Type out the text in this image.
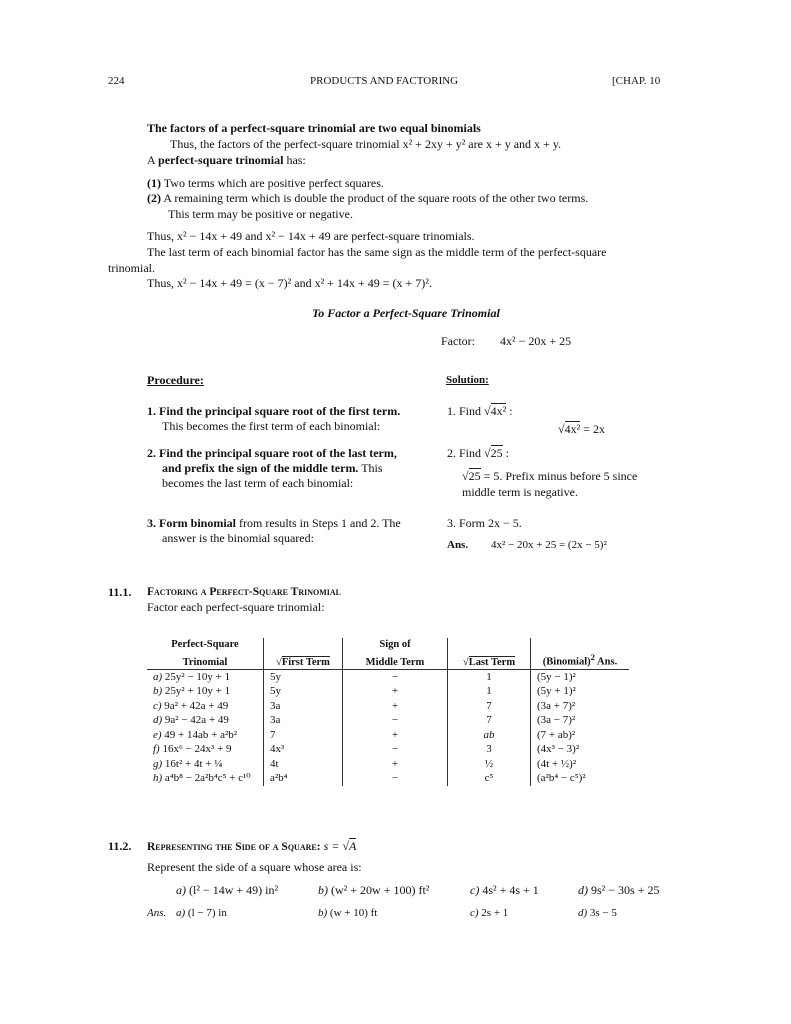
224	PRODUCTS AND FACTORING	[CHAP. 10
The factors of a perfect-square trinomial are two equal binomials
Thus, the factors of the perfect-square trinomial x² + 2xy + y² are x + y and x + y.
A perfect-square trinomial has:
(1) Two terms which are positive perfect squares.
(2) A remaining term which is double the product of the square roots of the other two terms.
This term may be positive or negative.
Thus, x² − 14x + 49 and x² − 14x + 49 are perfect-square trinomials.
The last term of each binomial factor has the same sign as the middle term of the perfect-square
trinomial.
Thus, x² − 14x + 49 = (x − 7)² and x² + 14x + 49 = (x + 7)².
To Factor a Perfect-Square Trinomial
Factor: 4x² − 20x + 25
Procedure:	Solution:
1. Find the principal square root of the first term.
This becomes the first term of each binomial:
1. Find √4x² :
√4x² = 2x
2. Find the principal square root of the last term,
and prefix the sign of the middle term. This
becomes the last term of each binomial:
2. Find √25 :
√25 = 5. Prefix minus before 5 since
middle term is negative.
3. Form binomial from results in Steps 1 and 2. The
answer is the binomial squared:
3. Form 2x − 5.
Ans. 4x² − 20x + 25 = (2x − 5)²
11.1. Factoring a Perfect-Square Trinomial
Factor each perfect-square trinomial:
Perfect-Square		Sign of		
Trinomial	√First Term	Middle Term	√Last Term	(Binomial)$^2$ Ans.
a) 25y² − 10y + 1	5y	−	1	(5y − 1)²
b) 25y² + 10y + 1	5y	+	1	(5y + 1)²
c) 9a² + 42a + 49	3a	+	7	(3a + 7)²
d) 9a² − 42a + 49	3a	−	7	(3a − 7)²
e) 49 + 14ab + a²b²	7	+	ab	(7 + ab)²
f) 16x⁶ − 24x³ + 9	4x³	−	3	(4x³ − 3)²
g) 16t² + 4t + ¼	4t	+	½	(4t + ½)²
h) a⁴b⁸ − 2a²b⁴c⁵ + c¹⁰	a²b⁴	−	c⁵	(a²b⁴ − c⁵)²
11.2. Representing the Side of a Square: s = √A
Represent the side of a square whose area is:
a) (l² − 14w + 49) in²	b) (w² + 20w + 100) ft²	c) 4s² + 4s + 1	d) 9s² − 30s + 25
Ans. a) (l − 7) in	b) (w + 10) ft	c) 2s + 1	d) 3s − 5
